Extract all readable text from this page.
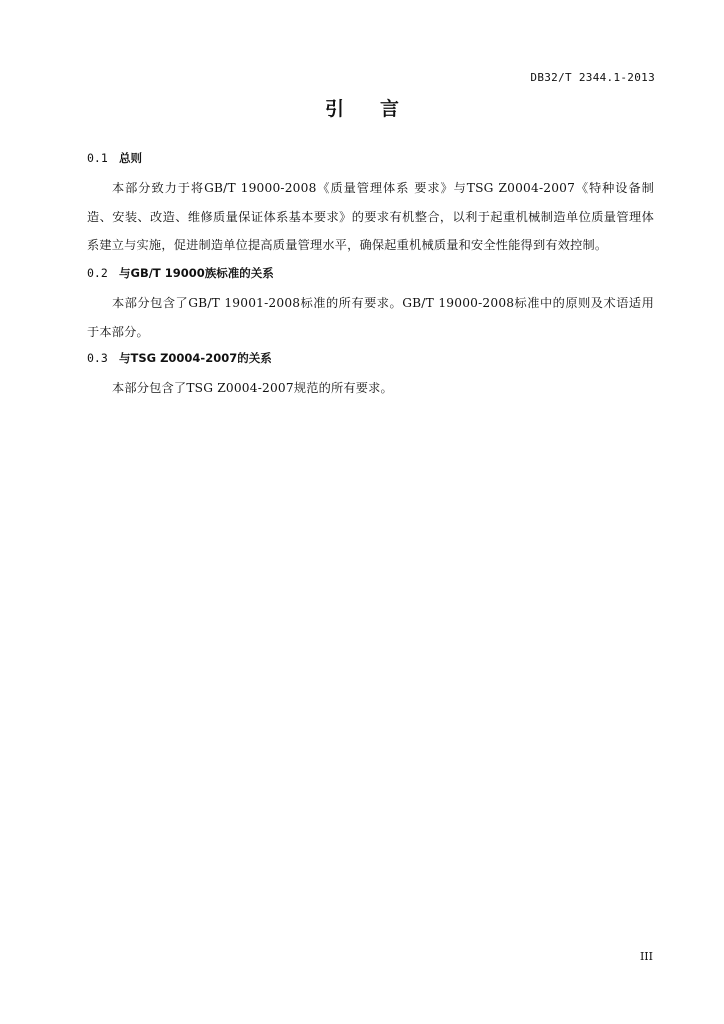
DB32/T 2344.1-2013
引言
0.1 总则

本部分致力于将GB/T 19000-2008《质量管理体系 要求》与TSG Z0004-2007《特种设备制造、安装、改造、维修质量保证体系基本要求》的要求有机整合，以利于起重机械制造单位质量管理体系建立与实施，促进制造单位提高质量管理水平，确保起重机械质量和安全性能得到有效控制。

0.2 与GB/T 19000族标准的关系

本部分包含了GB/T 19001-2008标准的所有要求。GB/T 19000-2008标准中的原则及术语适用于本部分。

0.3 与TSG Z0004-2007的关系

本部分包含了TSG Z0004-2007规范的所有要求。

III
